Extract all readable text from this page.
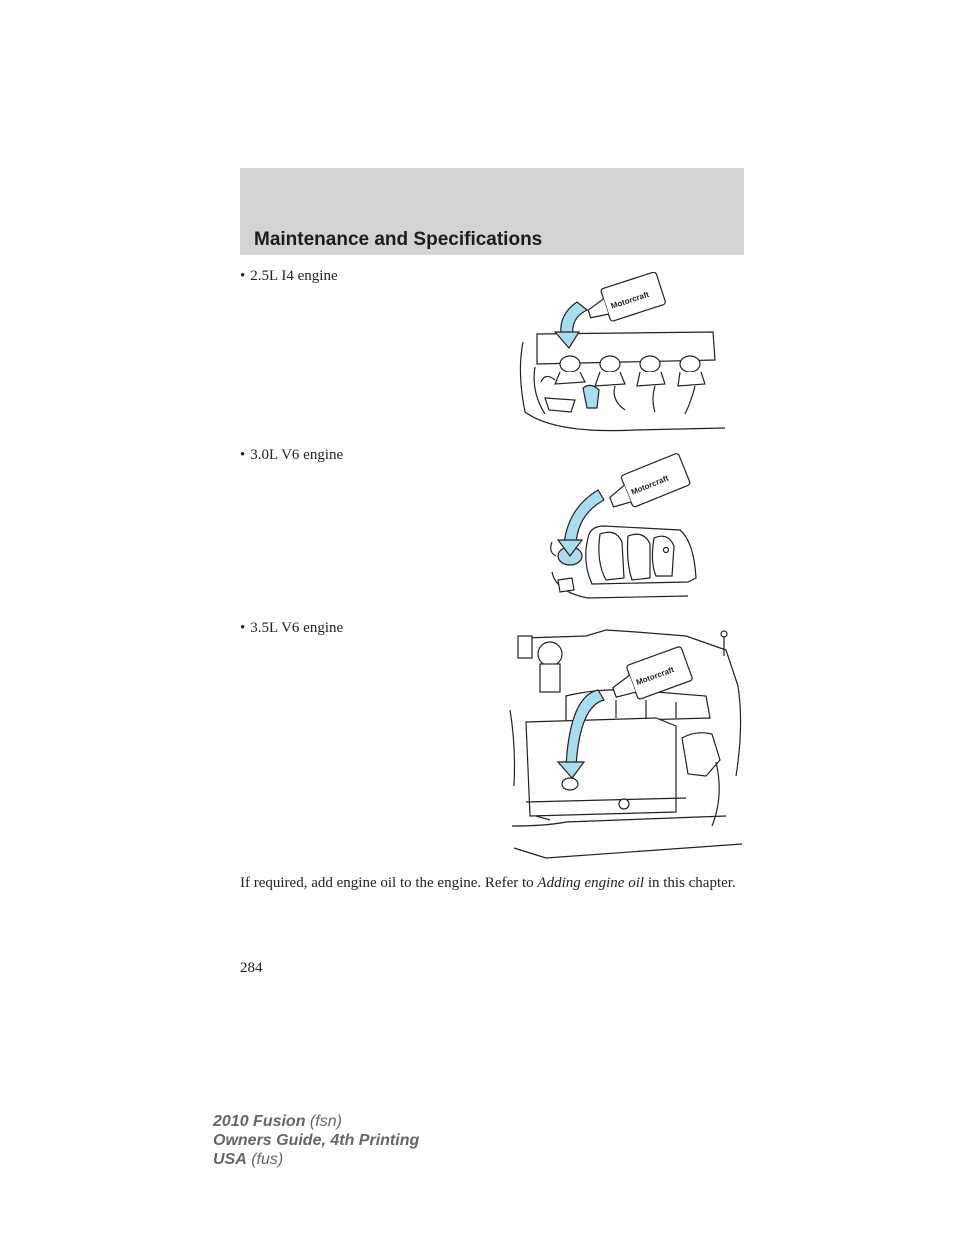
Maintenance and Specifications
• 2.5L I4 engine
Motorcraft
• 3.0L V6 engine
Motorcraft
• 3.5L V6 engine
Motorcraft

If required, add engine oil to the engine. Refer to Adding engine oil in this chapter.

284
2010 Fusion (fsn)
Owners Guide, 4th Printing
USA (fus)
